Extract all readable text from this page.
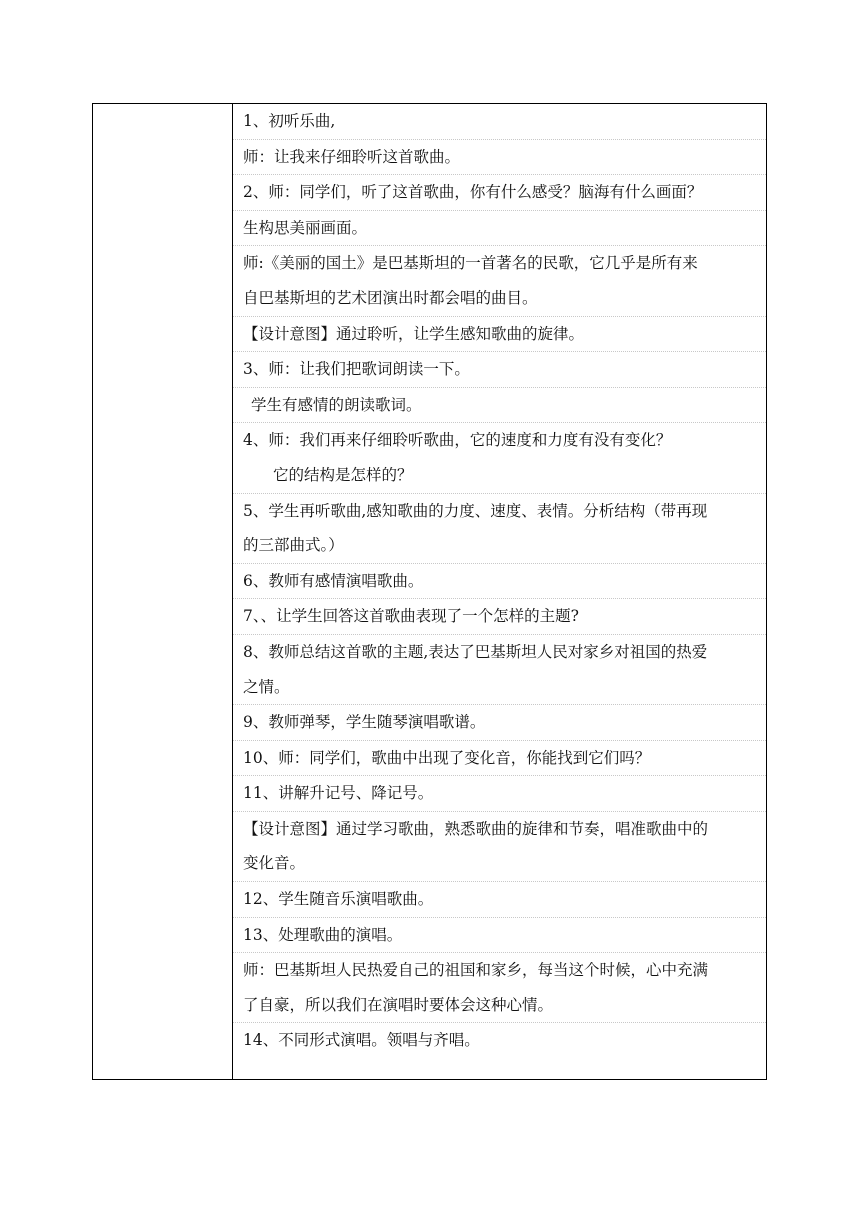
1、初听乐曲,
师：让我来仔细聆听这首歌曲。
2、师：同学们，听了这首歌曲，你有什么感受？脑海有什么画面？
生构思美丽画面。
师:《美丽的国土》是巴基斯坦的一首著名的民歌，它几乎是所有来
自巴基斯坦的艺术团演出时都会唱的曲目。
【设计意图】通过聆听，让学生感知歌曲的旋律。
3、师：让我们把歌词朗读一下。
学生有感情的朗读歌词。
4、师：我们再来仔细聆听歌曲，它的速度和力度有没有变化？
它的结构是怎样的？
5、学生再听歌曲,感知歌曲的力度、速度、表情。分析结构（带再现
的三部曲式。）
6、教师有感情演唱歌曲。
7、、让学生回答这首歌曲表现了一个怎样的主题?
8、教师总结这首歌的主题,表达了巴基斯坦人民对家乡对祖国的热爱
之情。
9、教师弹琴，学生随琴演唱歌谱。
10、师：同学们，歌曲中出现了变化音，你能找到它们吗？
11、讲解升记号、降记号。
【设计意图】通过学习歌曲，熟悉歌曲的旋律和节奏，唱准歌曲中的
变化音。
12、学生随音乐演唱歌曲。
13、处理歌曲的演唱。
师：巴基斯坦人民热爱自己的祖国和家乡，每当这个时候，心中充满
了自豪，所以我们在演唱时要体会这种心情。
14、不同形式演唱。领唱与齐唱。
